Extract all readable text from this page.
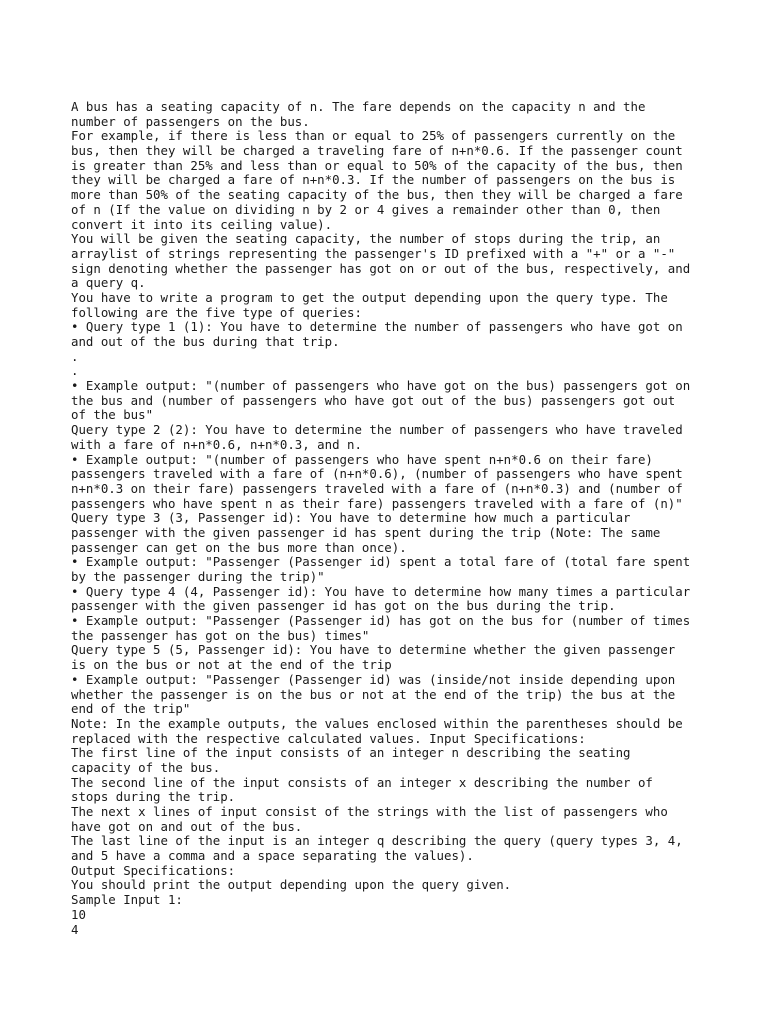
A bus has a seating capacity of n. The fare depends on the capacity n and the
number of passengers on the bus.
For example, if there is less than or equal to 25% of passengers currently on the
bus, then they will be charged a traveling fare of n+n*0.6. If the passenger count
is greater than 25% and less than or equal to 50% of the capacity of the bus, then
they will be charged a fare of n+n*0.3. If the number of passengers on the bus is
more than 50% of the seating capacity of the bus, then they will be charged a fare
of n (If the value on dividing n by 2 or 4 gives a remainder other than 0, then
convert it into its ceiling value).
You will be given the seating capacity, the number of stops during the trip, an
arraylist of strings representing the passenger's ID prefixed with a "+" or a "-"
sign denoting whether the passenger has got on or out of the bus, respectively, and
a query q.
You have to write a program to get the output depending upon the query type. The
following are the five type of queries:
• Query type 1 (1): You have to determine the number of passengers who have got on
and out of the bus during that trip.
.
.
• Example output: "(number of passengers who have got on the bus) passengers got on
the bus and (number of passengers who have got out of the bus) passengers got out
of the bus"
Query type 2 (2): You have to determine the number of passengers who have traveled
with a fare of n+n*0.6, n+n*0.3, and n.
• Example output: "(number of passengers who have spent n+n*0.6 on their fare)
passengers traveled with a fare of (n+n*0.6), (number of passengers who have spent
n+n*0.3 on their fare) passengers traveled with a fare of (n+n*0.3) and (number of
passengers who have spent n as their fare) passengers traveled with a fare of (n)"
Query type 3 (3, Passenger id): You have to determine how much a particular
passenger with the given passenger id has spent during the trip (Note: The same
passenger can get on the bus more than once).
• Example output: "Passenger (Passenger id) spent a total fare of (total fare spent
by the passenger during the trip)"
• Query type 4 (4, Passenger id): You have to determine how many times a particular
passenger with the given passenger id has got on the bus during the trip.
• Example output: "Passenger (Passenger id) has got on the bus for (number of times
the passenger has got on the bus) times"
Query type 5 (5, Passenger id): You have to determine whether the given passenger
is on the bus or not at the end of the trip
• Example output: "Passenger (Passenger id) was (inside/not inside depending upon
whether the passenger is on the bus or not at the end of the trip) the bus at the
end of the trip"
Note: In the example outputs, the values enclosed within the parentheses should be
replaced with the respective calculated values. Input Specifications:
The first line of the input consists of an integer n describing the seating
capacity of the bus.
The second line of the input consists of an integer x describing the number of
stops during the trip.
The next x lines of input consist of the strings with the list of passengers who
have got on and out of the bus.
The last line of the input is an integer q describing the query (query types 3, 4,
and 5 have a comma and a space separating the values).
Output Specifications:
You should print the output depending upon the query given.
Sample Input 1:
10
4
